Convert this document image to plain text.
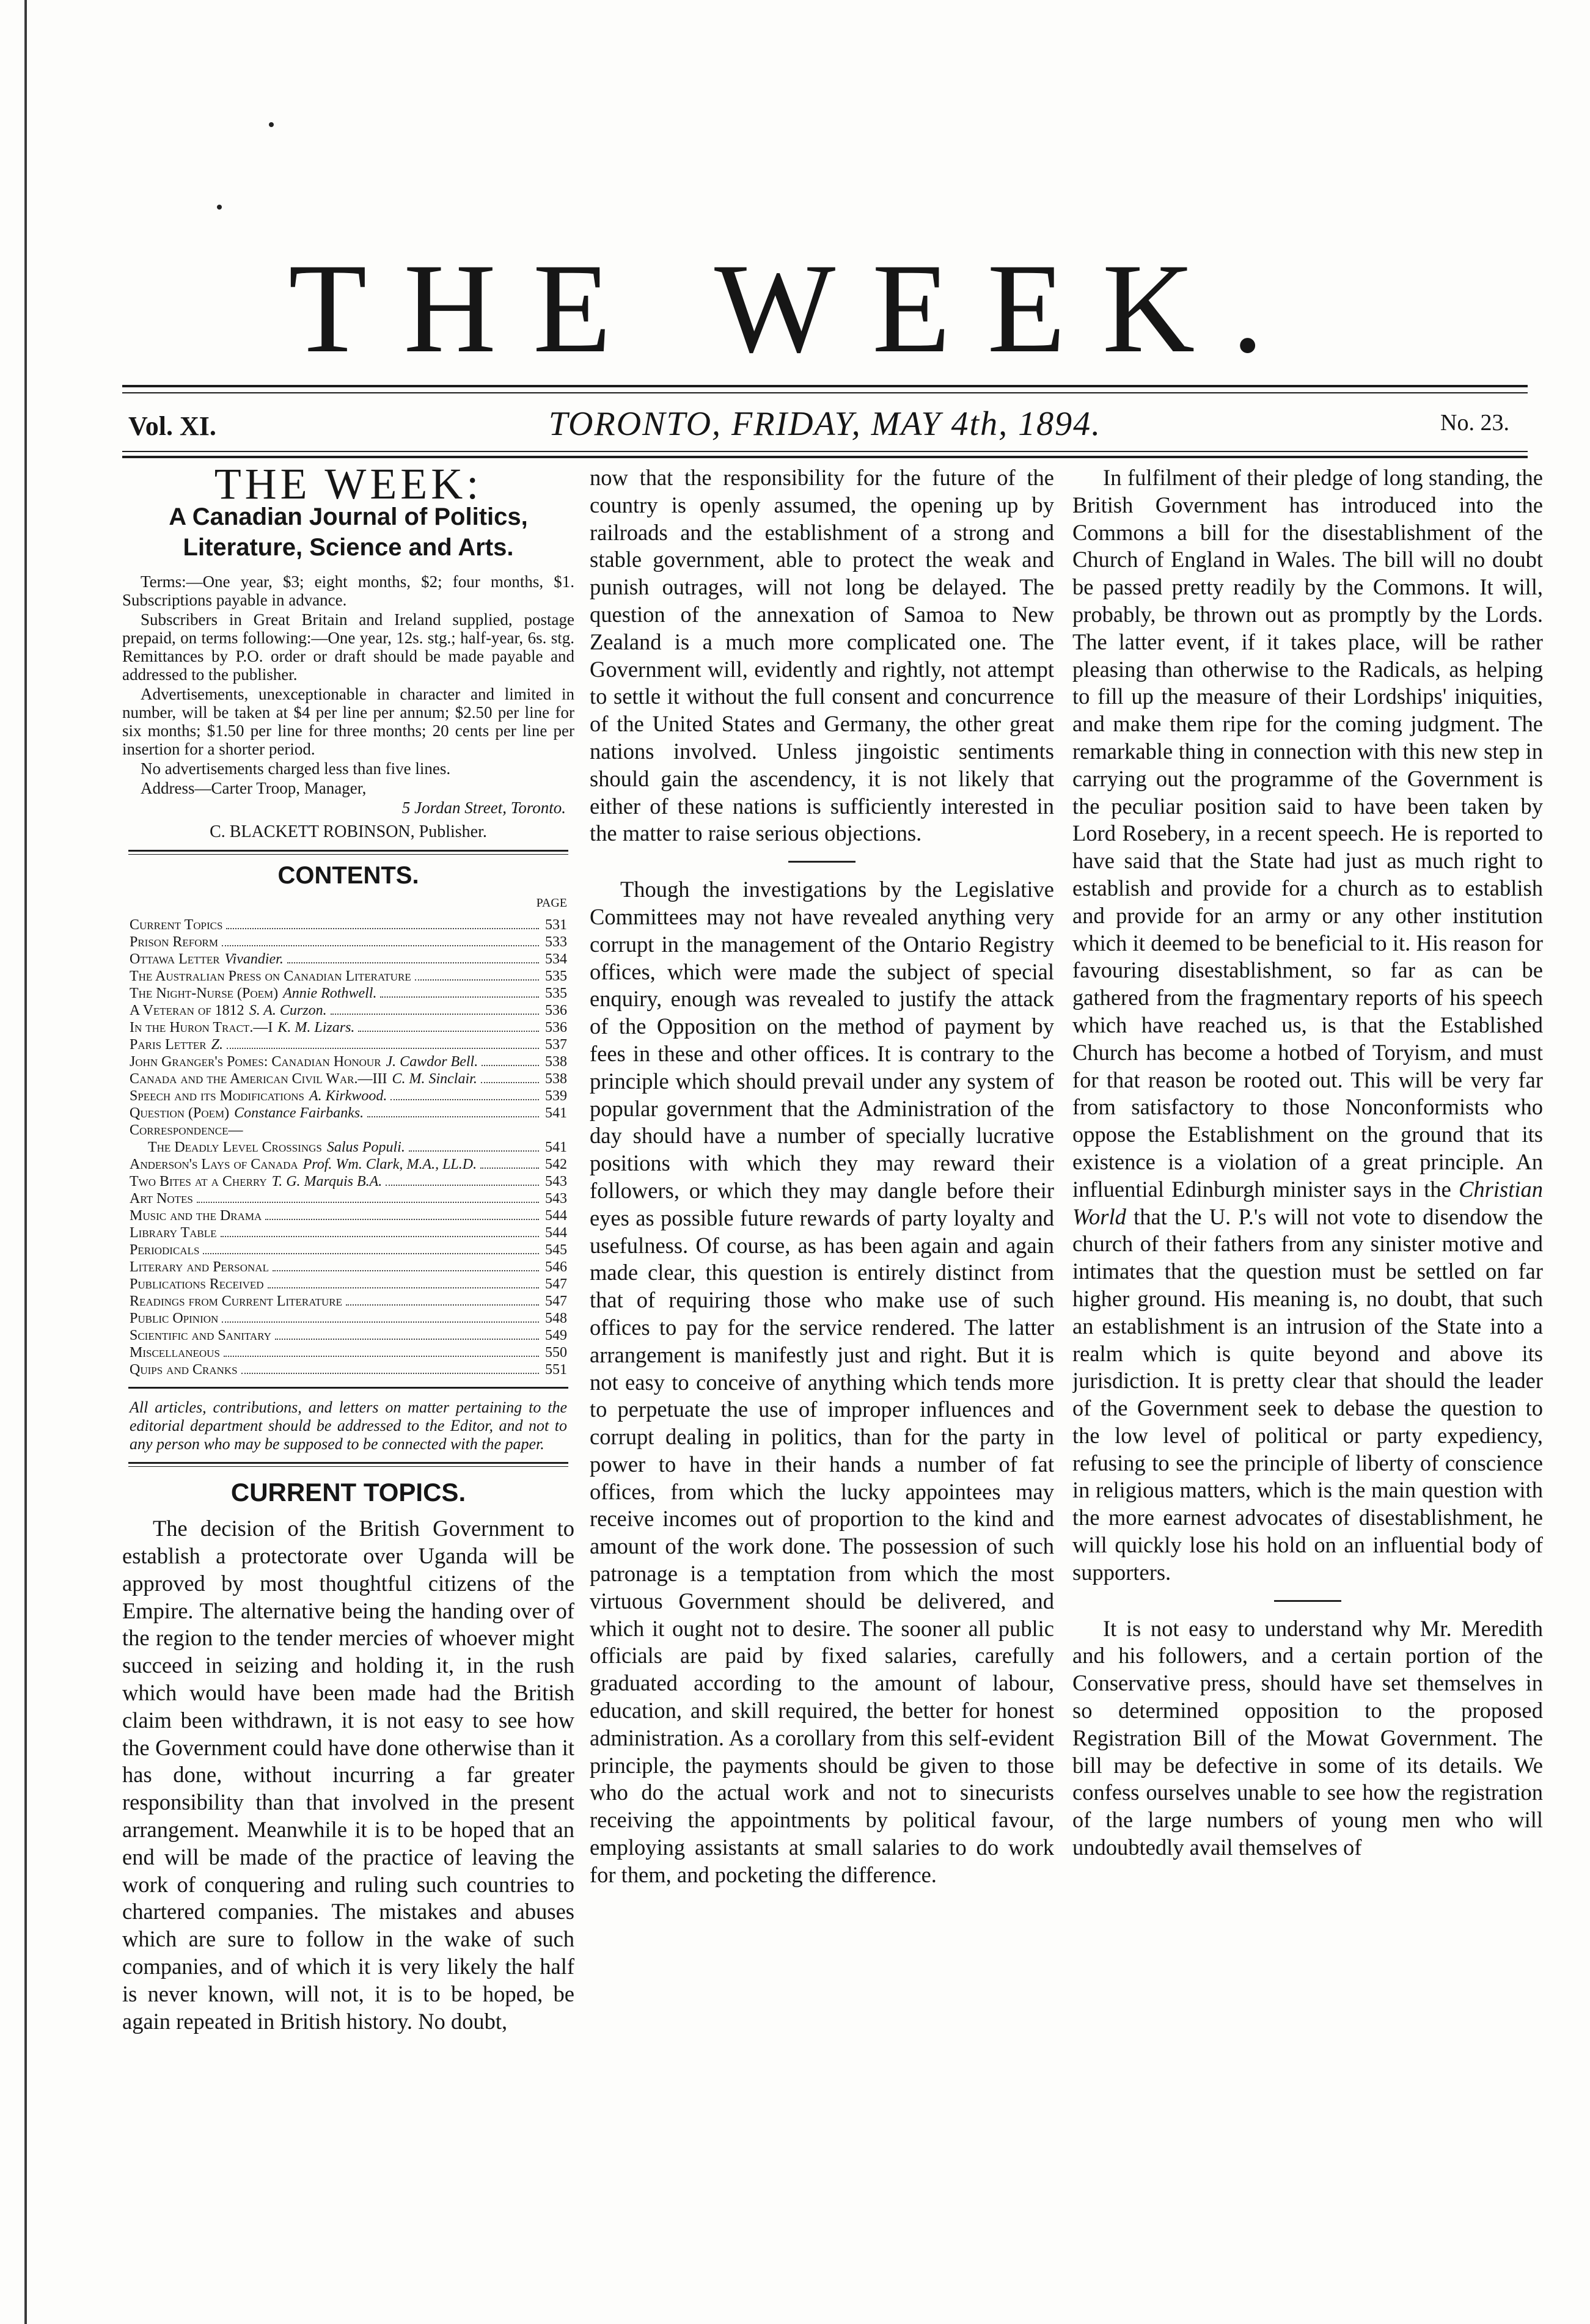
THE WEEK.
Vol. XI.	TORONTO, FRIDAY, MAY 4th, 1894.	No. 23.
THE WEEK:
A Canadian Journal of Politics, Literature, Science and Arts.

Terms:—One year, $3; eight months, $2; four months, $1. Subscriptions payable in advance.

Subscribers in Great Britain and Ireland supplied, postage prepaid, on terms following:—One year, 12s. stg.; half-year, 6s. stg. Remittances by P.O. order or draft should be made payable and addressed to the publisher.

Advertisements, unexceptionable in character and limited in number, will be taken at $4 per line per annum; $2.50 per line for six months; $1.50 per line for three months; 20 cents per line per insertion for a shorter period.

No advertisements charged less than five lines.

Address—Carter Troop, Manager,

5 Jordan Street, Toronto.

C. BLACKETT ROBINSON, Publisher.

CONTENTS.
PAGE
Current Topics	531
Prison Reform	533
Ottawa Letter Vivandier.	534
The Australian Press on Canadian Literature	535
The Night-Nurse (Poem) Annie Rothwell.	535
A Veteran of 1812 S. A. Curzon.	536
In the Huron Tract.—I K. M. Lizars.	536
Paris Letter Z.	537
John Granger's Pomes: Canadian Honour J. Cawdor Bell.	538
Canada and the American Civil War.—III C. M. Sinclair.	538
Speech and its Modifications A. Kirkwood.	539
Question (Poem) Constance Fairbanks.	541
Correspondence—
The Deadly Level Crossings Salus Populi.	541
Anderson's Lays of Canada Prof. Wm. Clark, M.A., LL.D.	542
Two Bites at a Cherry T. G. Marquis B.A.	543
Art Notes	543
Music and the Drama	544
Library Table	544
Periodicals	545
Literary and Personal	546
Publications Received	547
Readings from Current Literature	547
Public Opinion	548
Scientific and Sanitary	549
Miscellaneous	550
Quips and Cranks	551
All articles, contributions, and letters on matter pertaining to the editorial department should be addressed to the Editor, and not to any person who may be supposed to be connected with the paper.
CURRENT TOPICS.

The decision of the British Government to establish a protectorate over Uganda will be approved by most thoughtful citizens of the Empire. The alternative being the handing over of the region to the tender mercies of whoever might succeed in seizing and holding it, in the rush which would have been made had the British claim been withdrawn, it is not easy to see how the Government could have done otherwise than it has done, without incurring a far greater responsibility than that involved in the present arrangement. Meanwhile it is to be hoped that an end will be made of the practice of leaving the work of conquering and ruling such countries to chartered companies. The mistakes and abuses which are sure to follow in the wake of such companies, and of which it is very likely the half is never known, will not, it is to be hoped, be again repeated in British history. No doubt,

now that the responsibility for the future of the country is openly assumed, the opening up by railroads and the establishment of a strong and stable government, able to protect the weak and punish outrages, will not long be delayed. The question of the annexation of Samoa to New Zealand is a much more complicated one. The Government will, evidently and rightly, not attempt to settle it without the full consent and concurrence of the United States and Germany, the other great nations involved. Unless jingoistic sentiments should gain the ascendency, it is not likely that either of these nations is sufficiently interested in the matter to raise serious objections.

Though the investigations by the Legislative Committees may not have revealed anything very corrupt in the management of the Ontario Registry offices, which were made the subject of special enquiry, enough was revealed to justify the attack of the Opposition on the method of payment by fees in these and other offices. It is contrary to the principle which should prevail under any system of popular government that the Administration of the day should have a number of specially lucrative positions with which they may reward their followers, or which they may dangle before their eyes as possible future rewards of party loyalty and usefulness. Of course, as has been again and again made clear, this question is entirely distinct from that of requiring those who make use of such offices to pay for the service rendered. The latter arrangement is manifestly just and right. But it is not easy to conceive of anything which tends more to perpetuate the use of improper influences and corrupt dealing in politics, than for the party in power to have in their hands a number of fat offices, from which the lucky appointees may receive incomes out of proportion to the kind and amount of the work done. The possession of such patronage is a temptation from which the most virtuous Government should be delivered, and which it ought not to desire. The sooner all public officials are paid by fixed salaries, carefully graduated according to the amount of labour, education, and skill required, the better for honest administration. As a corollary from this self-evident principle, the payments should be given to those who do the actual work and not to sinecurists receiving the appointments by political favour, employing assistants at small salaries to do work for them, and pocketing the difference.

In fulfilment of their pledge of long standing, the British Government has introduced into the Commons a bill for the disestablishment of the Church of England in Wales. The bill will no doubt be passed pretty readily by the Commons. It will, probably, be thrown out as promptly by the Lords. The latter event, if it takes place, will be rather pleasing than otherwise to the Radicals, as helping to fill up the measure of their Lordships' iniquities, and make them ripe for the coming judgment. The remarkable thing in connection with this new step in carrying out the programme of the Government is the peculiar position said to have been taken by Lord Rosebery, in a recent speech. He is reported to have said that the State had just as much right to establish and provide for a church as to establish and provide for an army or any other institution which it deemed to be beneficial to it. His reason for favouring disestablishment, so far as can be gathered from the fragmentary reports of his speech which have reached us, is that the Established Church has become a hotbed of Toryism, and must for that reason be rooted out. This will be very far from satisfactory to those Nonconformists who oppose the Establishment on the ground that its existence is a violation of a great principle. An influential Edinburgh minister says in the Christian World that the U. P.'s will not vote to disendow the church of their fathers from any sinister motive and intimates that the question must be settled on far higher ground. His meaning is, no doubt, that such an establishment is an intrusion of the State into a realm which is quite beyond and above its jurisdiction. It is pretty clear that should the leader of the Government seek to debase the question to the low level of political or party expediency, refusing to see the principle of liberty of conscience in religious matters, which is the main question with the more earnest advocates of disestablishment, he will quickly lose his hold on an influential body of supporters.

It is not easy to understand why Mr. Meredith and his followers, and a certain portion of the Conservative press, should have set themselves in so determined opposition to the proposed Registration Bill of the Mowat Government. The bill may be defective in some of its details. We confess ourselves unable to see how the registration of the large numbers of young men who will undoubtedly avail themselves of
